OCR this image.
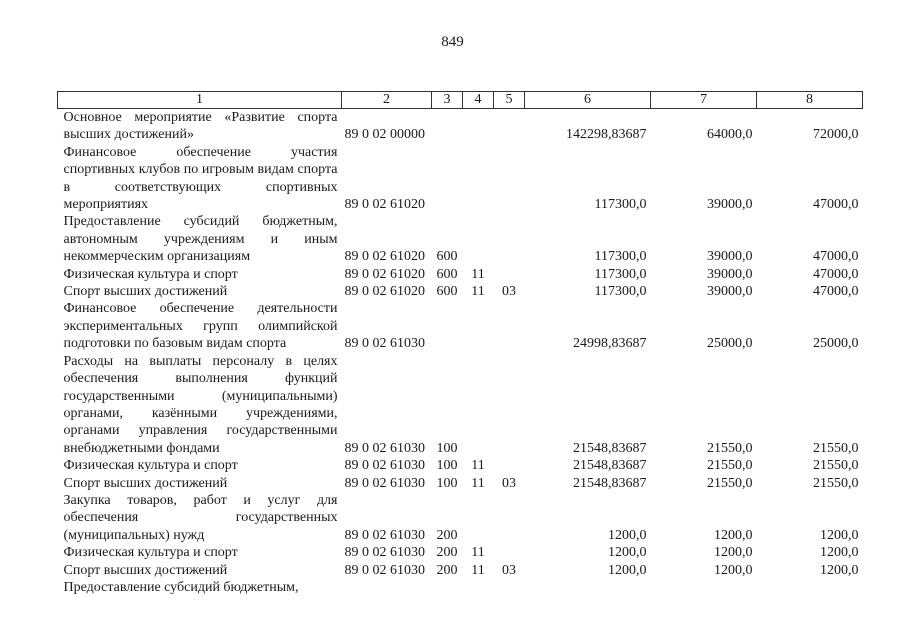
849
1	2	3	4	5	6	7	8
Основное мероприятие «Развитие спорта высших достижений»	89 0 02 00000				142298,83687	64000,0	72000,0
Финансовое обеспечение участия спортивных клубов по игровым видам спорта в соответствующих спортивных мероприятиях	89 0 02 61020				117300,0	39000,0	47000,0
Предоставление субсидий бюджетным, автономным учреждениям и иным некоммерческим организациям	89 0 02 61020	600			117300,0	39000,0	47000,0
Физическая культура и спорт	89 0 02 61020	600	11		117300,0	39000,0	47000,0
Спорт высших достижений	89 0 02 61020	600	11	03	117300,0	39000,0	47000,0
Финансовое обеспечение деятельности экспериментальных групп олимпийской подготовки по базовым видам спорта	89 0 02 61030				24998,83687	25000,0	25000,0
Расходы на выплаты персоналу в целях обеспечения выполнения функций государственными (муниципальными) органами, казёнными учреждениями, органами управления государственными внебюджетными фондами	89 0 02 61030	100			21548,83687	21550,0	21550,0
Физическая культура и спорт	89 0 02 61030	100	11		21548,83687	21550,0	21550,0
Спорт высших достижений	89 0 02 61030	100	11	03	21548,83687	21550,0	21550,0
Закупка товаров, работ и услуг для обеспечения государственных (муниципальных) нужд	89 0 02 61030	200			1200,0	1200,0	1200,0
Физическая культура и спорт	89 0 02 61030	200	11		1200,0	1200,0	1200,0
Спорт высших достижений	89 0 02 61030	200	11	03	1200,0	1200,0	1200,0
Предоставление субсидий бюджетным,							
